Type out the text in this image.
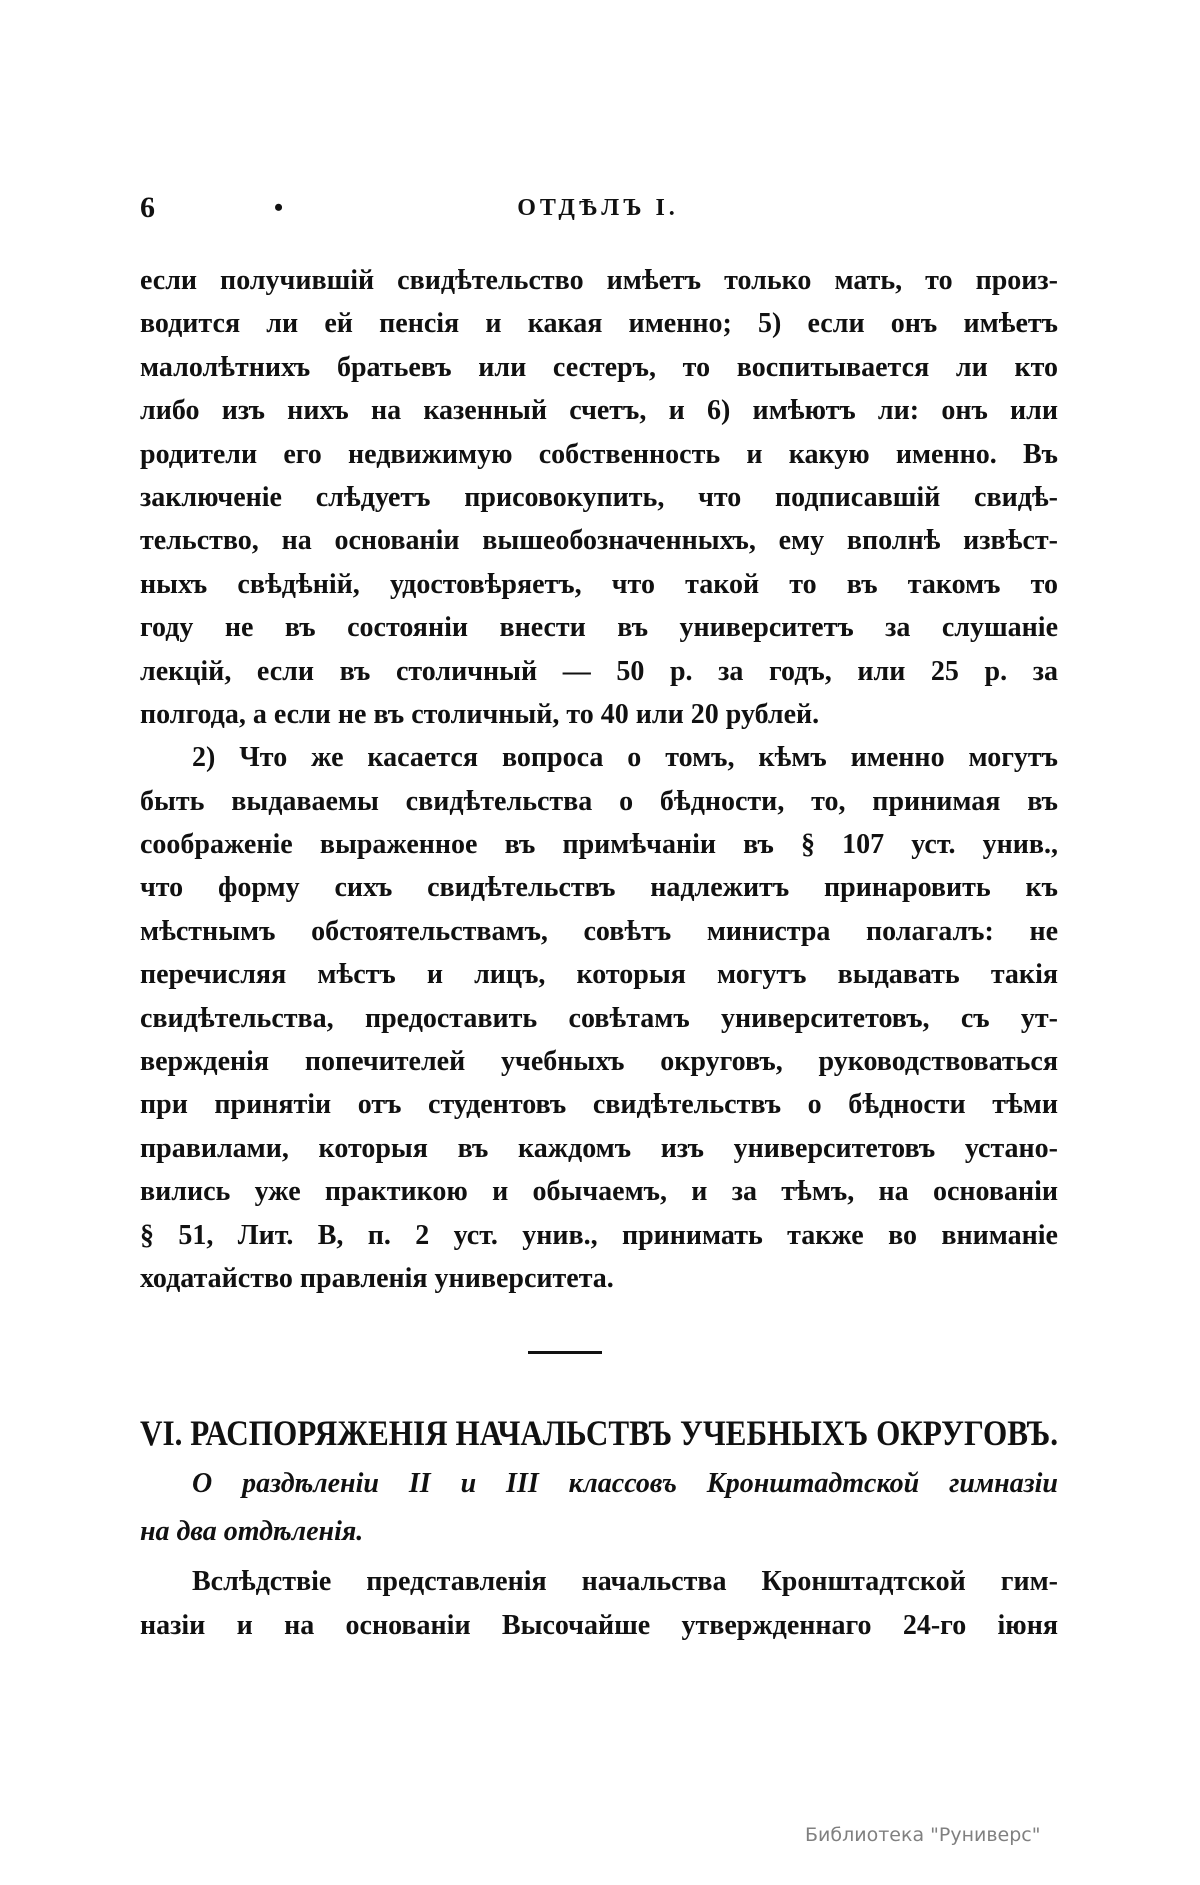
6	•	ОТДѢЛЪ I.
если получившій свидѣтельство имѣетъ только мать, то произ-
водится ли ей пенсія и какая именно; 5) если онъ имѣетъ
малолѣтнихъ братьевъ или сестеръ, то воспитывается ли кто
либо изъ нихъ на казенный счетъ, и 6) имѣютъ ли: онъ или
родители его недвижимую собственность и какую именно. Въ
заключеніе слѣдуетъ присовокупить, что подписавшій свидѣ-
тельство, на основаніи вышеобозначенныхъ, ему вполнѣ извѣст-
ныхъ свѣдѣній, удостовѣряетъ, что такой то въ такомъ то
году не въ состояніи внести въ университетъ за слушаніе
лекцій, если въ столичный — 50 р. за годъ, или 25 р. за
полгода, а если не въ столичный, то 40 или 20 рублей.
2) Что же касается вопроса о томъ, кѣмъ именно могутъ
быть выдаваемы свидѣтельства о бѣдности, то, принимая въ
соображеніе выраженное въ примѣчаніи въ § 107 уст. унив.,
что форму сихъ свидѣтельствъ надлежитъ принаровить къ
мѣстнымъ обстоятельствамъ, совѣтъ министра полагалъ: не
перечисляя мѣстъ и лицъ, которыя могутъ выдавать такія
свидѣтельства, предоставить совѣтамъ университетовъ, съ ут-
вержденія попечителей учебныхъ округовъ, руководствоваться
при принятіи отъ студентовъ свидѣтельствъ о бѣдности тѣми
правилами, которыя въ каждомъ изъ университетовъ устано-
вились уже практикою и обычаемъ, и за тѣмъ, на основаніи
§ 51, Лит. В, п. 2 уст. унив., принимать также во вниманіе
ходатайство правленія университета.
VI. РАСПОРЯЖЕНІЯ НАЧАЛЬСТВЪ УЧЕБНЫХЪ ОКРУГОВЪ.
О раздѣленіи II и III классовъ Кронштадтской гимназіи
на два отдѣленія.
Вслѣдствіе представленія начальства Кронштадтской гим-
назіи и на основаніи Высочайше утвержденнаго 24-го іюня
Библиотека "Руниверс"
